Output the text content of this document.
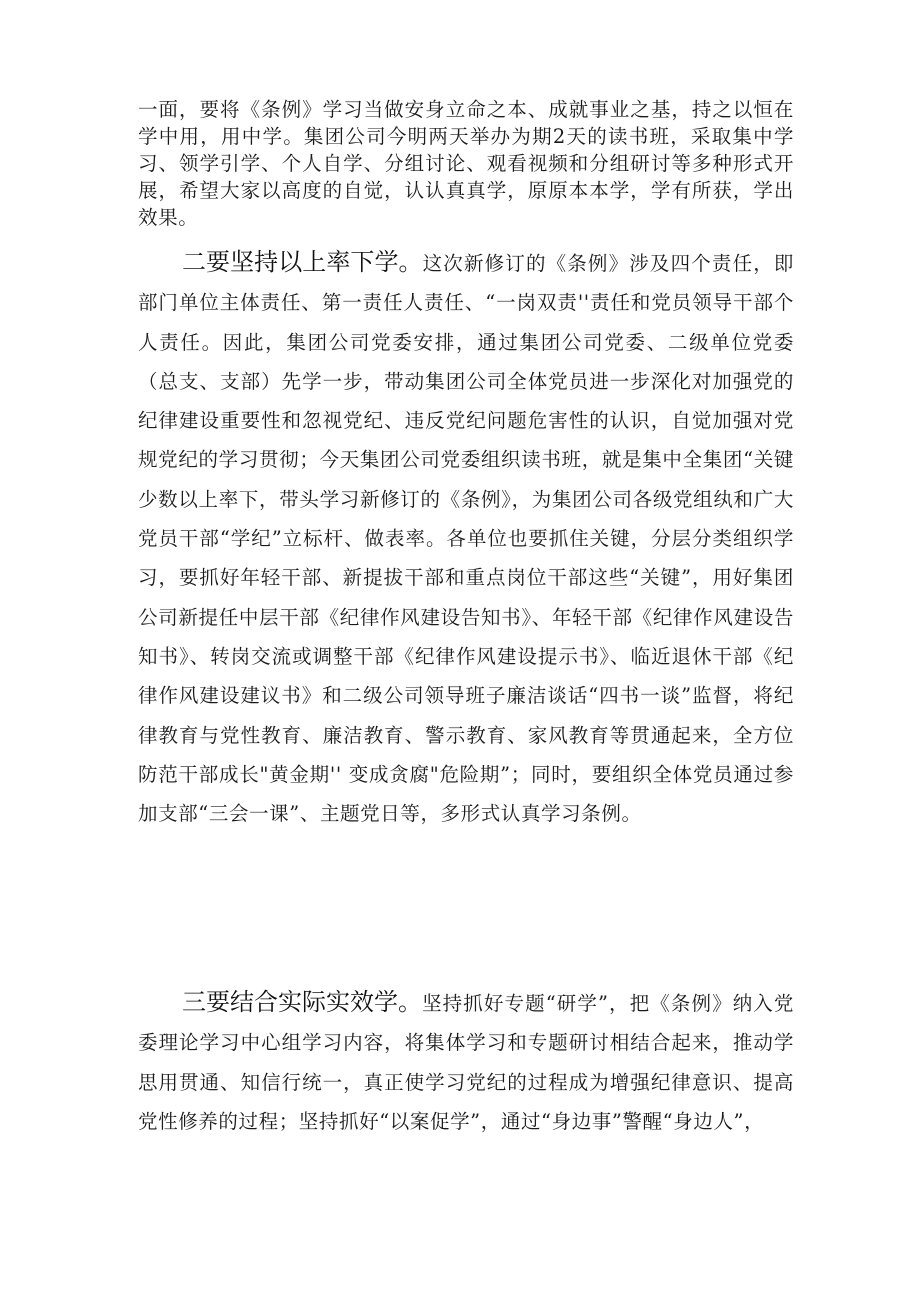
一面，要将《条例》学习当做安身立命之本、成就事业之基，持之以恒在学中用，用中学。集团公司今明两天举办为期2天的读书班，采取集中学习、领学引学、个人自学、分组讨论、观看视频和分组研讨等多种形式开展，希望大家以高度的自觉，认认真真学，原原本本学，学有所获，学出效果。

二要坚持以上率下学。这次新修订的《条例》涉及四个责任，即部门单位主体责任、第一责任人责任、“一岗双责''责任和党员领导干部个人责任。因此，集团公司党委安排，通过集团公司党委、二级单位党委（总支、支部）先学一步，带动集团公司全体党员进一步深化对加强党的纪律建设重要性和忽视党纪、违反党纪问题危害性的认识，自觉加强对党规党纪的学习贯彻；今天集团公司党委组织读书班，就是集中全集团“关键少数以上率下，带头学习新修订的《条例》，为集团公司各级党组纨和广大党员干部“学纪”立标杆、做表率。各单位也要抓住关键，分层分类组织学习，要抓好年轻干部、新提拔干部和重点岗位干部这些“关键”，用好集团公司新提任中层干部《纪律作风建设告知书》、年轻干部《纪律作风建设告知书》、转岗交流或调整干部《纪律作风建设提示书》、临近退休干部《纪律作风建设建议书》和二级公司领导班子廉洁谈话“四书一谈”监督，将纪律教育与党性教育、廉洁教育、警示教育、家风教育等贯通起来，全方位防范干部成长"黄金期'' 变成贪腐"危险期”；同时，要组织全体党员通过参加支部“三会一课”、主题党日等，多形式认真学习条例。

三要结合实际实效学。坚持抓好专题“研学”，把《条例》纳入党委理论学习中心组学习内容，将集体学习和专题研讨相结合起来，推动学思用贯通、知信行统一，真正使学习党纪的过程成为增强纪律意识、提高党性修养的过程；坚持抓好“以案促学”，通过“身边事”警醒“身边人”，
